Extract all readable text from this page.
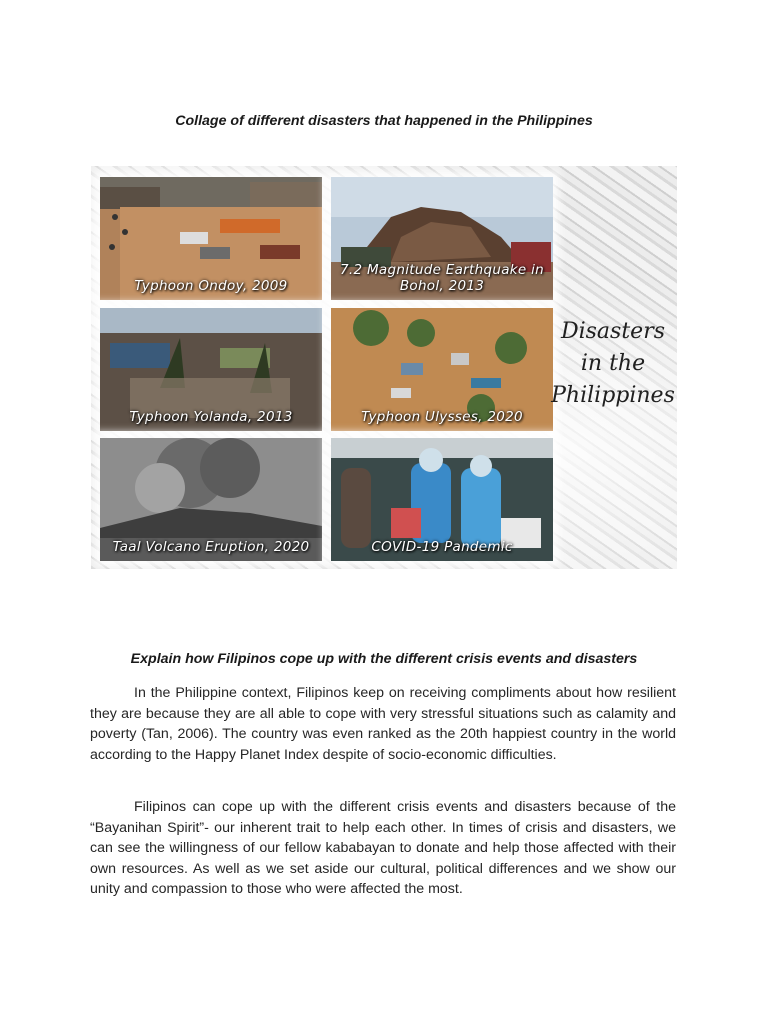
Collage of different disasters that happened in the Philippines
Typhoon Ondoy, 2009
7.2 Magnitude Earthquake in Bohol, 2013
Typhoon Yolanda, 2013	Typhoon Ulysses, 2020
Taal Volcano Eruption, 2020	COVID-19 Pandemic
Disasters
in the
Philippines
Explain how Filipinos cope up with the different crisis events and disasters

In the Philippine context, Filipinos keep on receiving compliments about how resilient they are because they are all able to cope with very stressful situations such as calamity and poverty (Tan, 2006). The country was even ranked as the 20th happiest country in the world according to the Happy Planet Index despite of socio-economic difficulties.

Filipinos can cope up with the different crisis events and disasters because of the “Bayanihan Spirit”- our inherent trait to help each other. In times of crisis and disasters, we can see the willingness of our fellow kababayan to donate and help those affected with their own resources. As well as we set aside our cultural, political differences and we show our unity and compassion to those who were affected the most.
